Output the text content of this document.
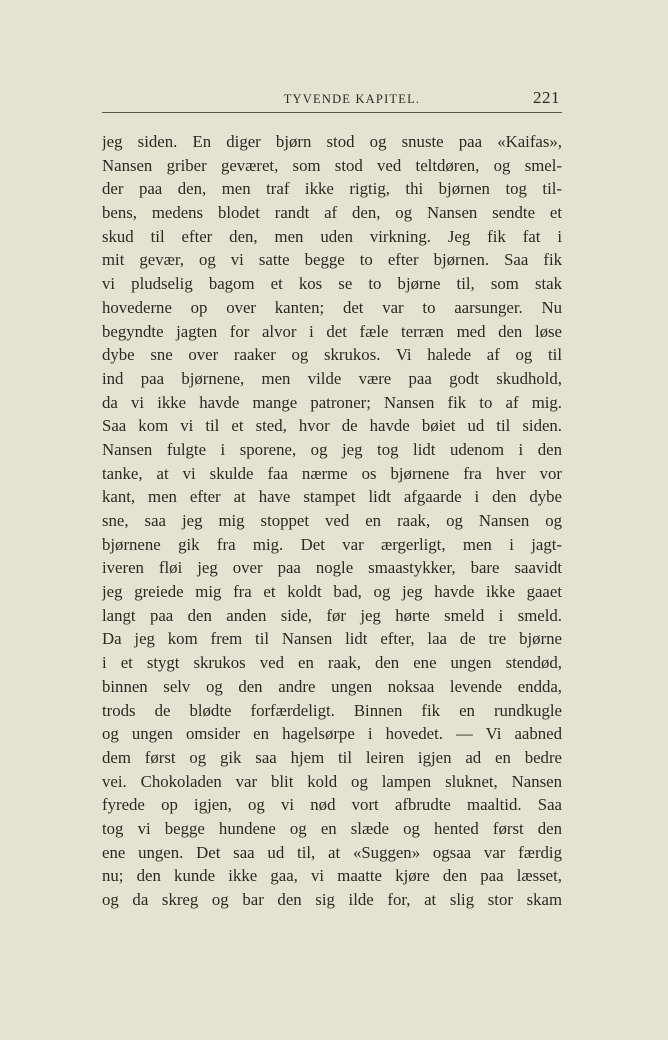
TYVENDE KAPITEL.	221
jeg siden. En diger bjørn stod og snuste paa «Kaifas»,
Nansen griber geværet, som stod ved teltdøren, og smel-
der paa den, men traf ikke rigtig, thi bjørnen tog til-
bens, medens blodet randt af den, og Nansen sendte et
skud til efter den, men uden virkning. Jeg fik fat i
mit gevær, og vi satte begge to efter bjørnen. Saa fik
vi pludselig bagom et kos se to bjørne til, som stak
hovederne op over kanten; det var to aarsunger. Nu
begyndte jagten for alvor i det fæle terræn med den løse
dybe sne over raaker og skrukos. Vi halede af og til
ind paa bjørnene, men vilde være paa godt skudhold,
da vi ikke havde mange patroner; Nansen fik to af mig.
Saa kom vi til et sted, hvor de havde bøiet ud til siden.
Nansen fulgte i sporene, og jeg tog lidt udenom i den
tanke, at vi skulde faa nærme os bjørnene fra hver vor
kant, men efter at have stampet lidt afgaarde i den dybe
sne, saa jeg mig stoppet ved en raak, og Nansen og
bjørnene gik fra mig. Det var ærgerligt, men i jagt-
iveren fløi jeg over paa nogle smaastykker, bare saavidt
jeg greiede mig fra et koldt bad, og jeg havde ikke gaaet
langt paa den anden side, før jeg hørte smeld i smeld.
Da jeg kom frem til Nansen lidt efter, laa de tre bjørne
i et stygt skrukos ved en raak, den ene ungen stendød,
binnen selv og den andre ungen noksaa levende endda,
trods de blødte forfærdeligt. Binnen fik en rundkugle
og ungen omsider en hagelsørpe i hovedet. — Vi aabned
dem først og gik saa hjem til leiren igjen ad en bedre
vei. Chokoladen var blit kold og lampen sluknet, Nansen
fyrede op igjen, og vi nød vort afbrudte maaltid. Saa
tog vi begge hundene og en slæde og hented først den
ene ungen. Det saa ud til, at «Suggen» ogsaa var færdig
nu; den kunde ikke gaa, vi maatte kjøre den paa læsset,
og da skreg og bar den sig ilde for, at slig stor skam
